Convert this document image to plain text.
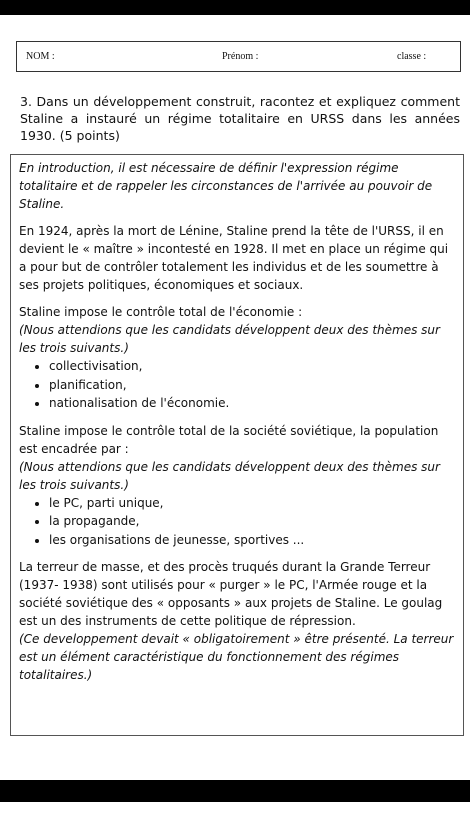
NOM :	Prénom :	classe :
3. Dans un développement construit, racontez et expliquez comment Staline a instauré un régime totalitaire en URSS dans les années 1930. (5 points)

En introduction, il est nécessaire de définir l'expression régime totalitaire et de rappeler les circonstances de l'arrivée au pouvoir de Staline.

En 1924, après la mort de Lénine, Staline prend la tête de l'URSS, il en devient le « maître » incontesté en 1928. Il met en place un régime qui a pour but de contrôler totalement les individus et de les soumettre à ses projets politiques, économiques et sociaux.

Staline impose le contrôle total de l'économie :

(Nous attendions que les candidats développent deux des thèmes sur les trois suivants.)

• collectivisation,
• planification,
• nationalisation de l'économie.

Staline impose le contrôle total de la société soviétique, la population est encadrée par :

(Nous attendions que les candidats développent deux des thèmes sur les trois suivants.)

• le PC, parti unique,
• la propagande,
• les organisations de jeunesse, sportives ...

La terreur de masse, et des procès truqués durant la Grande Terreur (1937- 1938) sont utilisés pour « purger » le PC, l'Armée rouge et la société soviétique des « opposants » aux projets de Staline. Le goulag est un des instruments de cette politique de répression.

(Ce developpement devait « obligatoirement » être présenté. La terreur est un élément caractéristique du fonctionnement des régimes totalitaires.)
